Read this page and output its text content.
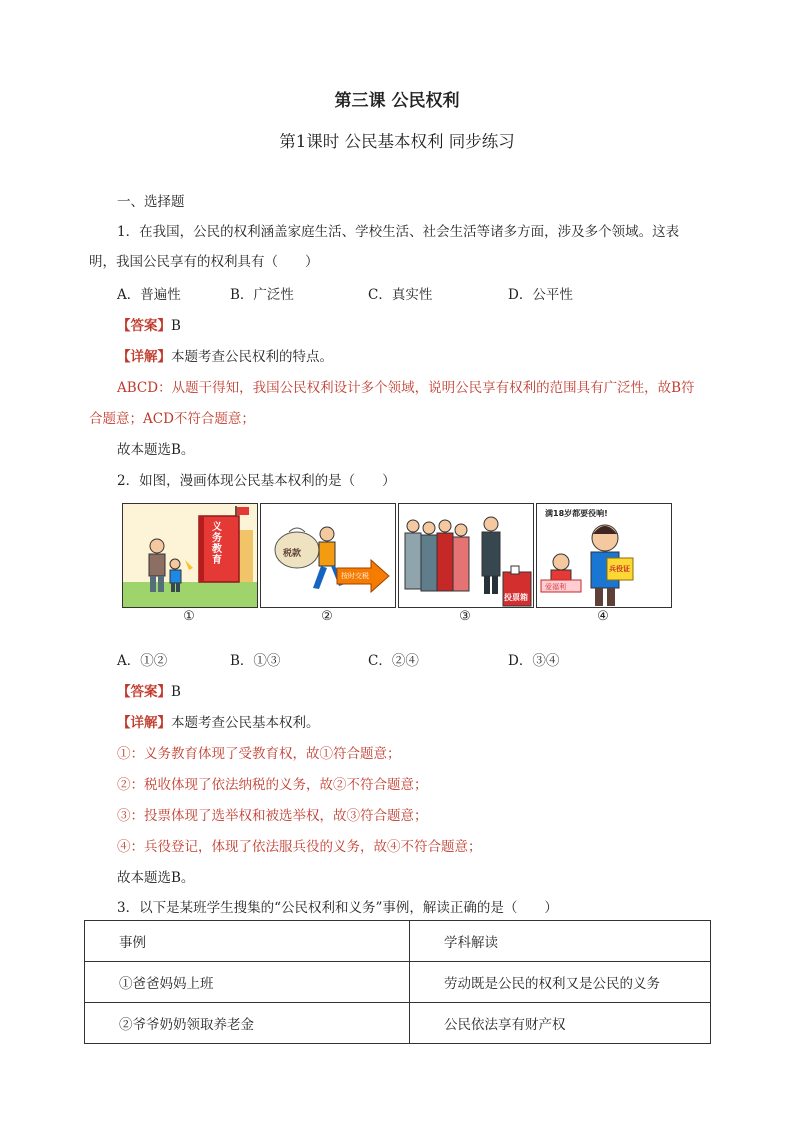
第三课 公民权利
第1课时 公民基本权利 同步练习
一、选择题
1．在我国，公民的权利涵盖家庭生活、学校生活、社会生活等诸多方面，涉及多个领域。这表
明，我国公民享有的权利具有（　　）
A．普遍性	B．广泛性	C．真实性	D．公平性
【答案】B
【详解】本题考查公民权利的特点。
ABCD：从题干得知，我国公民权利设计多个领域，说明公民享有权利的范围具有广泛性，故B符
合题意；ACD不符合题意；
故本题选B。
2．如图，漫画体现公民基本权利的是（　　）
义
务
教
育
税款
按时交税
投票箱
满18岁都要役响!
兵役证
爱福利
①	②	③	④
A．①②	B．①③	C．②④	D．③④
【答案】B
【详解】本题考查公民基本权利。
①：义务教育体现了受教育权，故①符合题意；
②：税收体现了依法纳税的义务，故②不符合题意；
③：投票体现了选举权和被选举权，故③符合题意；
④：兵役登记，体现了依法服兵役的义务，故④不符合题意；
故本题选B。
3．以下是某班学生搜集的“公民权利和义务”事例，解读正确的是（　　）
事例	学科解读
①爸爸妈妈上班	劳动既是公民的权利又是公民的义务
②爷爷奶奶领取养老金	公民依法享有财产权
